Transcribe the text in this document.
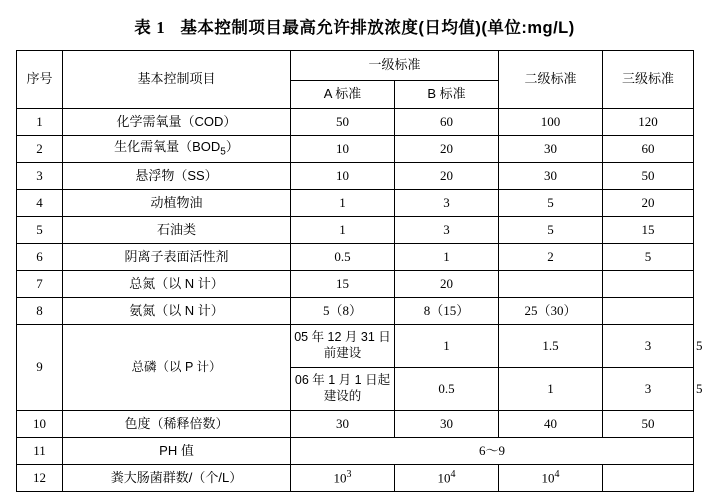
表 1 基本控制项目最高允许排放浓度(日均值)(单位:mg/L)
序号	基本控制项目	一级标准		二级标准	三级标准	
		A 标准	B 标准			
1	化学需氧量（COD）	50	60	100	120	
2	生化需氧量$(BOD_5)$	10	20	30	60	
3	悬浮物（SS）	10	20	30	50	
4	动植物油	1	3	5	20	
5	石油类	1	3	5	15	
6	阴离子表面活性剂	0.5	1	2	5	
7	总氮（以 N 计）	15	20			
8	氨氮（以 N 计）	5（8）	8（15）	25（30）		
9	总磷（以 P 计）	05 年 12 月 31 日前建设	1	1.5	3	5
		06 年 1 月 1 日起建设的	0.5	1	3	5
10	色度（稀释倍数）	30	30	40	50	
11	PH 值	6～9				
12	粪大肠菌群数/（个/L）	$10^3$	$10^4$	$10^4$	
